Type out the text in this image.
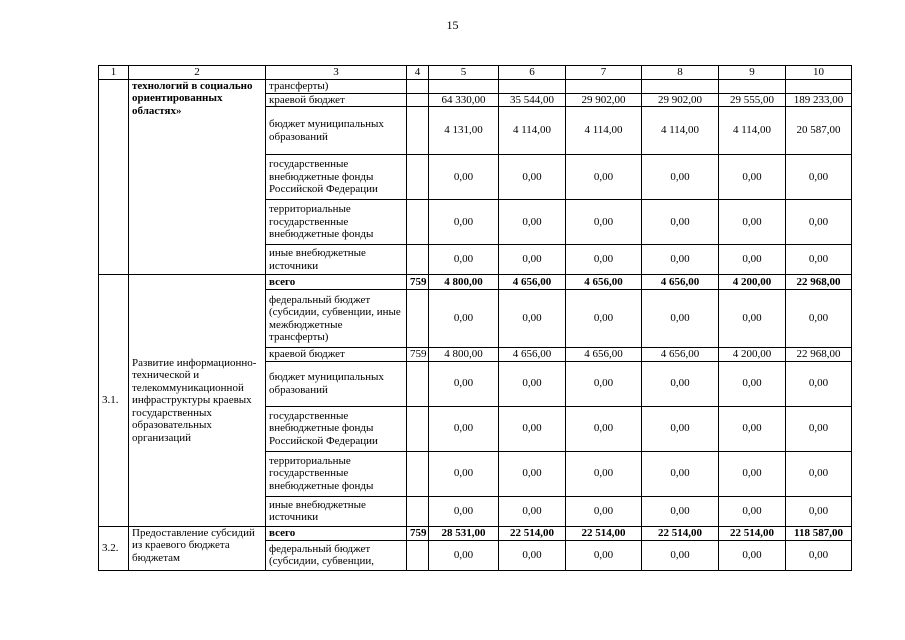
15
1	2	3	4	5	6	7	8	9	10
	технологий в социально ориентированных областях»	трансферты)							
		краевой бюджет		64 330,00	35 544,00	29 902,00	29 902,00	29 555,00	189 233,00
		бюджет муниципальных образований		4 131,00	4 114,00	4 114,00	4 114,00	4 114,00	20 587,00
		государственные внебюджетные фонды Российской Федерации		0,00	0,00	0,00	0,00	0,00	0,00
		территориальные государственные внебюджетные фонды		0,00	0,00	0,00	0,00	0,00	0,00
		иные внебюджетные источники		0,00	0,00	0,00	0,00	0,00	0,00
3.1.	Развитие информационно-технической и телекоммуникационной инфраструктуры краевых государственных образовательных организаций	всего	759	4 800,00	4 656,00	4 656,00	4 656,00	4 200,00	22 968,00
		федеральный бюджет (субсидии, субвенции, иные межбюджетные трансферты)		0,00	0,00	0,00	0,00	0,00	0,00
		краевой бюджет	759	4 800,00	4 656,00	4 656,00	4 656,00	4 200,00	22 968,00
		бюджет муниципальных образований		0,00	0,00	0,00	0,00	0,00	0,00
		государственные внебюджетные фонды Российской Федерации		0,00	0,00	0,00	0,00	0,00	0,00
		территориальные государственные внебюджетные фонды		0,00	0,00	0,00	0,00	0,00	0,00
		иные внебюджетные источники		0,00	0,00	0,00	0,00	0,00	0,00
3.2.	Предоставление субсидий из краевого бюджета бюджетам	всего	759	28 531,00	22 514,00	22 514,00	22 514,00	22 514,00	118 587,00
		федеральный бюджет (субсидии, субвенции,		0,00	0,00	0,00	0,00	0,00	0,00
